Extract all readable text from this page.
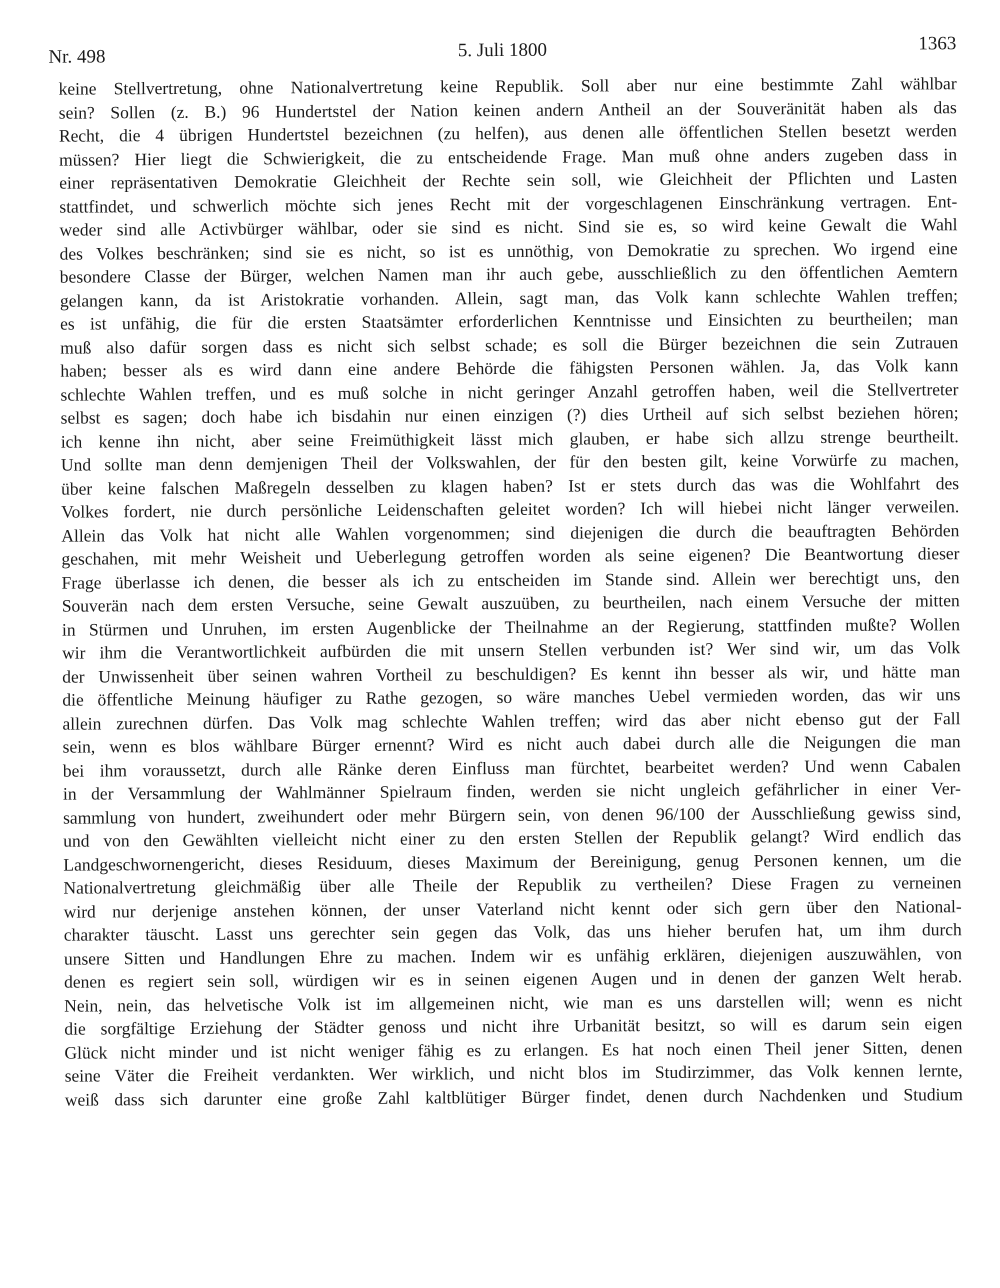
Nr. 498	5. Juli 1800	1363
keine Stellvertretung, ohne Nationalvertretung keine Republik. Soll aber nur eine bestimmte Zahl wählbar
sein? Sollen (z. B.) 96 Hundertstel der Nation keinen andern Antheil an der Souveränität haben als das
Recht, die 4 übrigen Hundertstel bezeichnen (zu helfen), aus denen alle öffentlichen Stellen besetzt werden
müssen? Hier liegt die Schwierigkeit, die zu entscheidende Frage. Man muß ohne anders zugeben dass in
einer repräsentativen Demokratie Gleichheit der Rechte sein soll, wie Gleichheit der Pflichten und Lasten
stattfindet, und schwerlich möchte sich jenes Recht mit der vorgeschlagenen Einschränkung vertragen. Ent-
weder sind alle Activbürger wählbar, oder sie sind es nicht. Sind sie es, so wird keine Gewalt die Wahl
des Volkes beschränken; sind sie es nicht, so ist es unnöthig, von Demokratie zu sprechen. Wo irgend eine
besondere Classe der Bürger, welchen Namen man ihr auch gebe, ausschließlich zu den öffentlichen Aemtern
gelangen kann, da ist Aristokratie vorhanden. Allein, sagt man, das Volk kann schlechte Wahlen treffen;
es ist unfähig, die für die ersten Staatsämter erforderlichen Kenntnisse und Einsichten zu beurtheilen; man
muß also dafür sorgen dass es nicht sich selbst schade; es soll die Bürger bezeichnen die sein Zutrauen
haben; besser als es wird dann eine andere Behörde die fähigsten Personen wählen. Ja, das Volk kann
schlechte Wahlen treffen, und es muß solche in nicht geringer Anzahl getroffen haben, weil die Stellvertreter
selbst es sagen; doch habe ich bisdahin nur einen einzigen (?) dies Urtheil auf sich selbst beziehen hören;
ich kenne ihn nicht, aber seine Freimüthigkeit lässt mich glauben, er habe sich allzu strenge beurtheilt.
Und sollte man denn demjenigen Theil der Volkswahlen, der für den besten gilt, keine Vorwürfe zu machen,
über keine falschen Maßregeln desselben zu klagen haben? Ist er stets durch das was die Wohlfahrt des
Volkes fordert, nie durch persönliche Leidenschaften geleitet worden? Ich will hiebei nicht länger verweilen.
Allein das Volk hat nicht alle Wahlen vorgenommen; sind diejenigen die durch die beauftragten Behörden
geschahen, mit mehr Weisheit und Ueberlegung getroffen worden als seine eigenen? Die Beantwortung dieser
Frage überlasse ich denen, die besser als ich zu entscheiden im Stande sind. Allein wer berechtigt uns, den
Souverän nach dem ersten Versuche, seine Gewalt auszuüben, zu beurtheilen, nach einem Versuche der mitten
in Stürmen und Unruhen, im ersten Augenblicke der Theilnahme an der Regierung, stattfinden mußte? Wollen
wir ihm die Verantwortlichkeit aufbürden die mit unsern Stellen verbunden ist? Wer sind wir, um das Volk
der Unwissenheit über seinen wahren Vortheil zu beschuldigen? Es kennt ihn besser als wir, und hätte man
die öffentliche Meinung häufiger zu Rathe gezogen, so wäre manches Uebel vermieden worden, das wir uns
allein zurechnen dürfen. Das Volk mag schlechte Wahlen treffen; wird das aber nicht ebenso gut der Fall
sein, wenn es blos wählbare Bürger ernennt? Wird es nicht auch dabei durch alle die Neigungen die man
bei ihm voraussetzt, durch alle Ränke deren Einfluss man fürchtet, bearbeitet werden? Und wenn Cabalen
in der Versammlung der Wahlmänner Spielraum finden, werden sie nicht ungleich gefährlicher in einer Ver-
sammlung von hundert, zweihundert oder mehr Bürgern sein, von denen 96/100 der Ausschließung gewiss sind,
und von den Gewählten vielleicht nicht einer zu den ersten Stellen der Republik gelangt? Wird endlich das
Landgeschwornengericht, dieses Residuum, dieses Maximum der Bereinigung, genug Personen kennen, um die
Nationalvertretung gleichmäßig über alle Theile der Republik zu vertheilen? Diese Fragen zu verneinen
wird nur derjenige anstehen können, der unser Vaterland nicht kennt oder sich gern über den National-
charakter täuscht. Lasst uns gerechter sein gegen das Volk, das uns hieher berufen hat, um ihm durch
unsere Sitten und Handlungen Ehre zu machen. Indem wir es unfähig erklären, diejenigen auszuwählen, von
denen es regiert sein soll, würdigen wir es in seinen eigenen Augen und in denen der ganzen Welt herab.
Nein, nein, das helvetische Volk ist im allgemeinen nicht, wie man es uns darstellen will; wenn es nicht
die sorgfältige Erziehung der Städter genoss und nicht ihre Urbanität besitzt, so will es darum sein eigen
Glück nicht minder und ist nicht weniger fähig es zu erlangen. Es hat noch einen Theil jener Sitten, denen
seine Väter die Freiheit verdankten. Wer wirklich, und nicht blos im Studirzimmer, das Volk kennen lernte,
weiß dass sich darunter eine große Zahl kaltblütiger Bürger findet, denen durch Nachdenken und Studium
